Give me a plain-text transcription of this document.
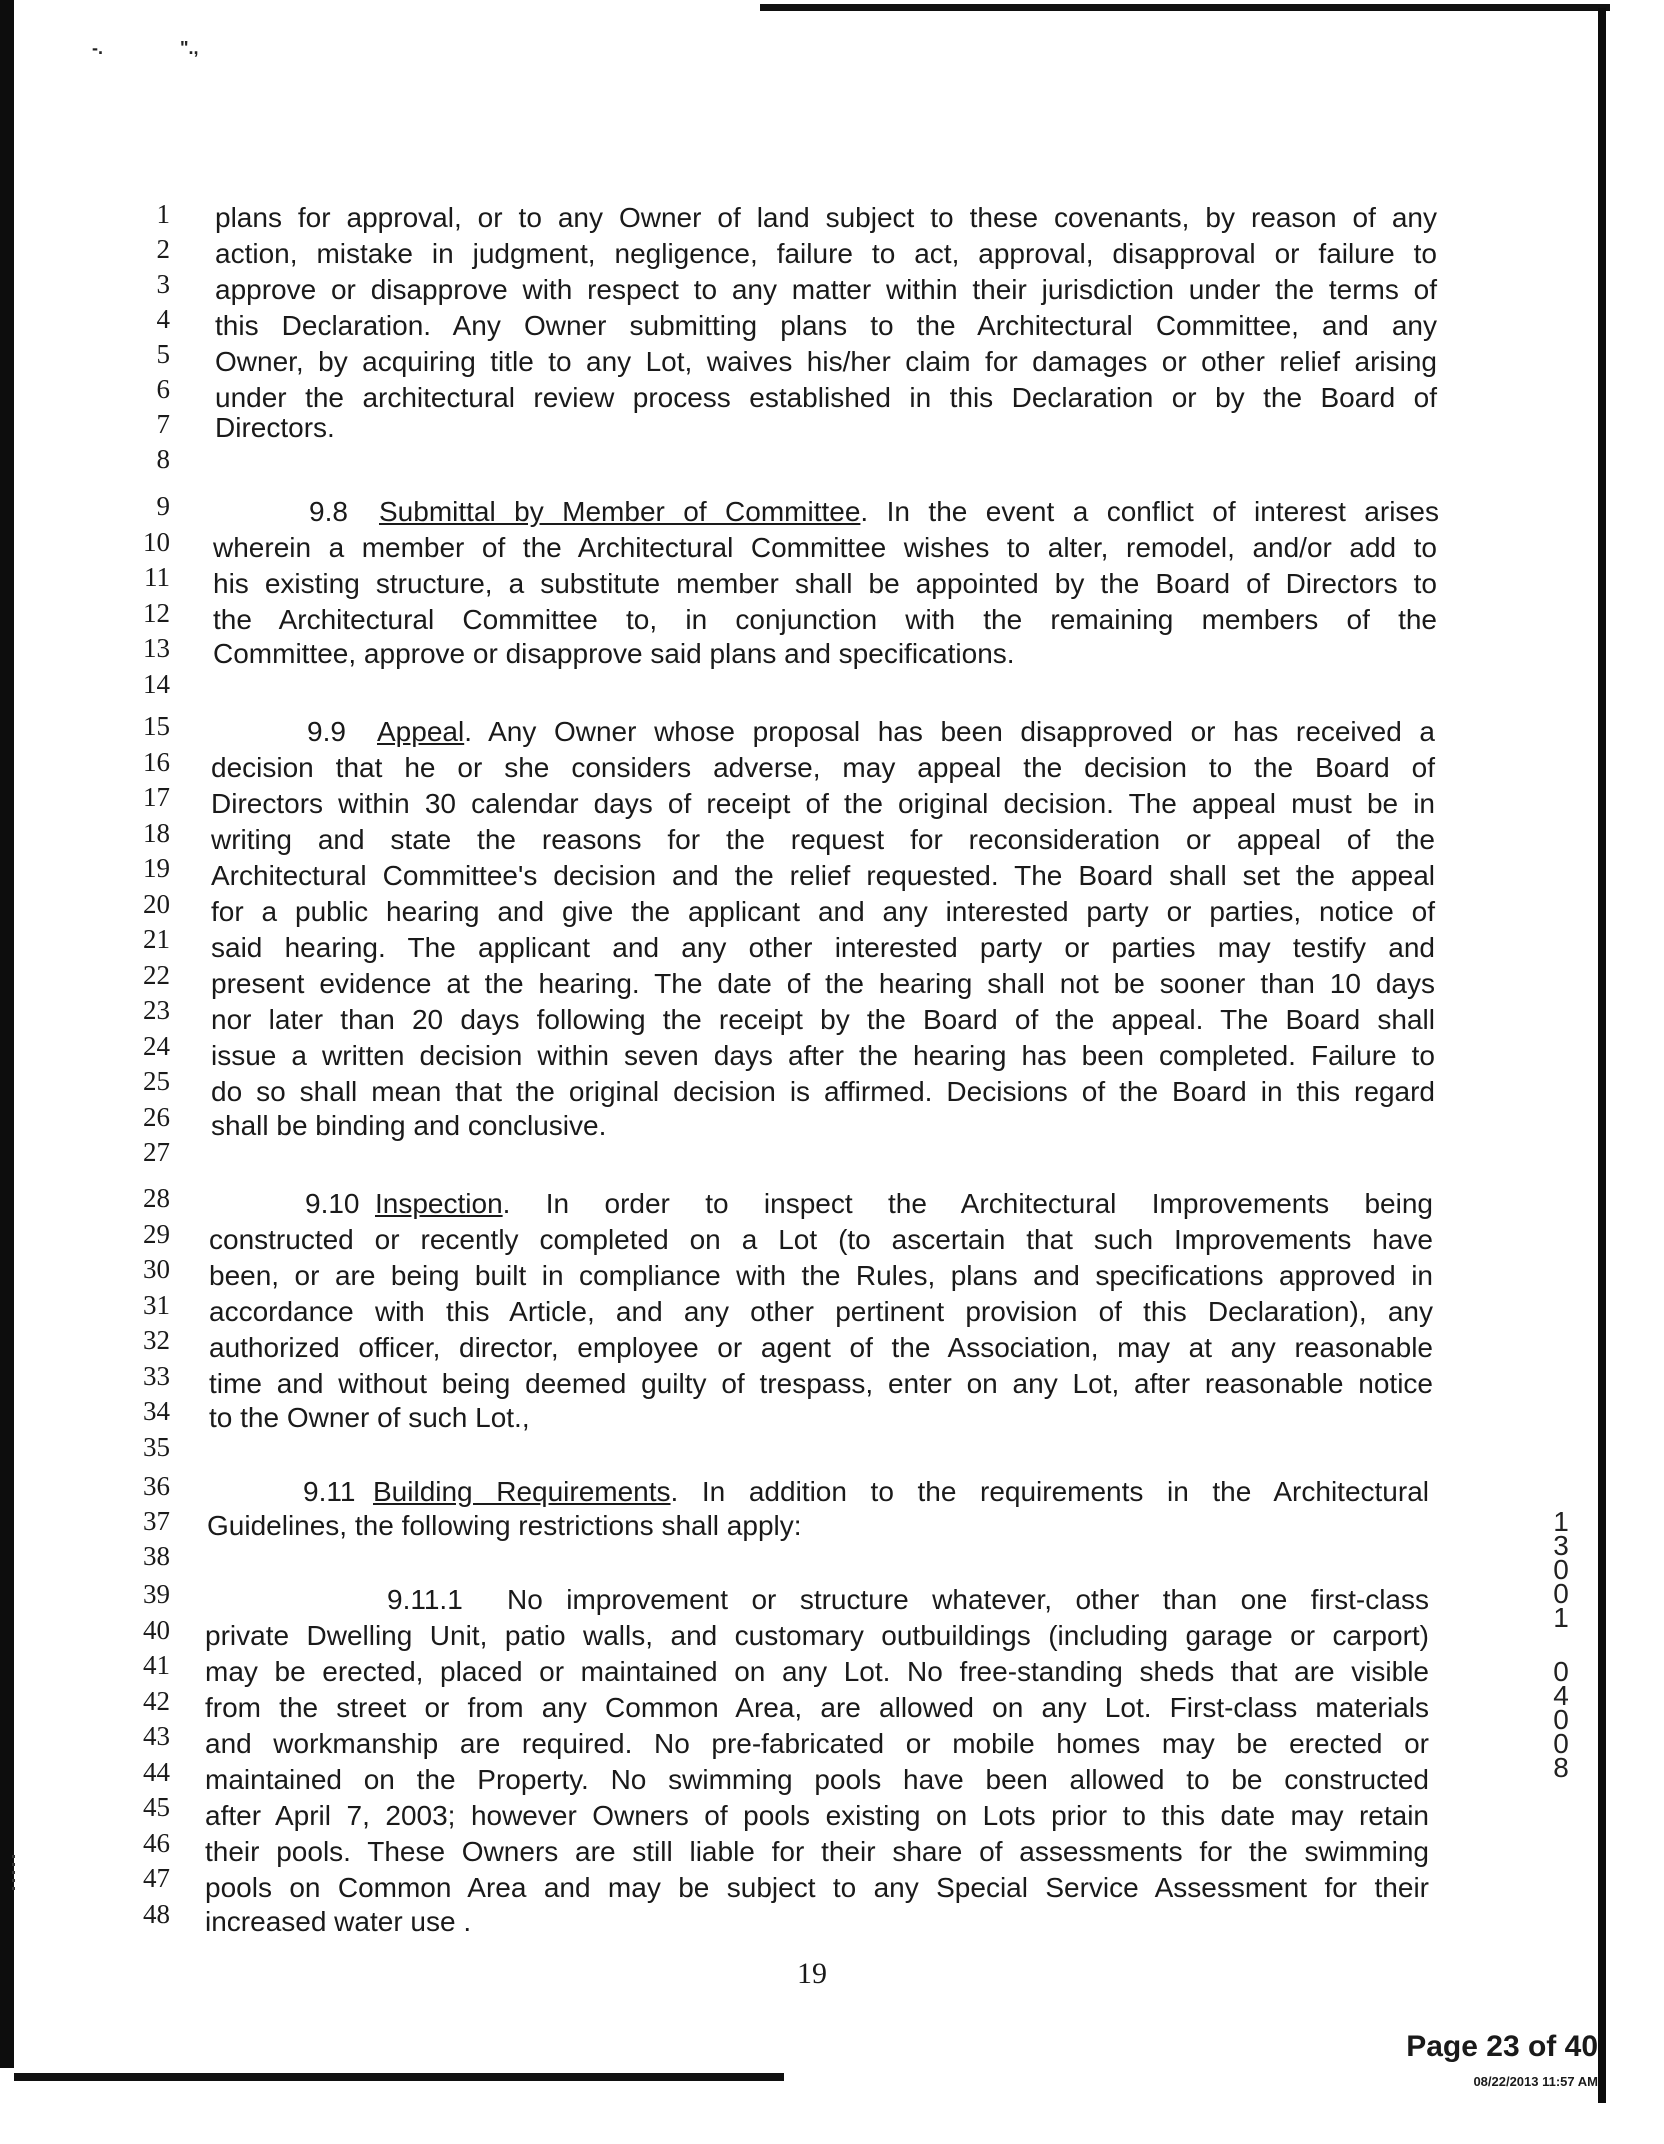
-.	".,
1
2
3
4
5
6
7
8
9
10
11
12
13
14
15
16
17
18
19
20
21
22
23
24
25
26
27
28
29
30
31
32
33
34
35
36
37
38
39
40
41
42
43
44
45
46
47
48
plans for approval, or to any Owner of land subject to these covenants, by reason of any
action, mistake in judgment, negligence, failure to act, approval, disapproval or failure to
approve or disapprove with respect to any matter within their jurisdiction under the terms of
this Declaration. Any Owner submitting plans to the Architectural Committee, and any
Owner, by acquiring title to any Lot, waives his/her claim for damages or other relief arising
under the architectural review process established in this Declaration or by the Board of
Directors.
9.8 Submittal by Member of Committee. In the event a conflict of interest arises
wherein a member of the Architectural Committee wishes to alter, remodel, and/or add to
his existing structure, a substitute member shall be appointed by the Board of Directors to
the Architectural Committee to, in conjunction with the remaining members of the
Committee, approve or disapprove said plans and specifications.
9.9 Appeal. Any Owner whose proposal has been disapproved or has received a
decision that he or she considers adverse, may appeal the decision to the Board of
Directors within 30 calendar days of receipt of the original decision. The appeal must be in
writing and state the reasons for the request for reconsideration or appeal of the
Architectural Committee's decision and the relief requested. The Board shall set the appeal
for a public hearing and give the applicant and any interested party or parties, notice of
said hearing. The applicant and any other interested party or parties may testify and
present evidence at the hearing. The date of the hearing shall not be sooner than 10 days
nor later than 20 days following the receipt by the Board of the appeal. The Board shall
issue a written decision within seven days after the hearing has been completed. Failure to
do so shall mean that the original decision is affirmed. Decisions of the Board in this regard
shall be binding and conclusive.
9.10 Inspection. In order to inspect the Architectural Improvements being
constructed or recently completed on a Lot (to ascertain that such Improvements have
been, or are being built in compliance with the Rules, plans and specifications approved in
accordance with this Article, and any other pertinent provision of this Declaration), any
authorized officer, director, employee or agent of the Association, may at any reasonable
time and without being deemed guilty of trespass, enter on any Lot, after reasonable notice
to the Owner of such Lot.,
9.11 Building Requirements. In addition to the requirements in the Architectural
Guidelines, the following restrictions shall apply:
9.11.1 No improvement or structure whatever, other than one first-class
private Dwelling Unit, patio walls, and customary outbuildings (including garage or carport)
may be erected, placed or maintained on any Lot. No free-standing sheds that are visible
from the street or from any Common Area, are allowed on any Lot. First-class materials
and workmanship are required. No pre-fabricated or mobile homes may be erected or
maintained on the Property. No swimming pools have been allowed to be constructed
after April 7, 2003; however Owners of pools existing on Lots prior to this date may retain
their pools. These Owners are still liable for their share of assessments for the swimming
pools on Common Area and may be subject to any Special Service Assessment for their
increased water use .
19
1
3
0
0
1
0
4
0
0
8
Page 23 of 40
08/22/2013 11:57 AM
